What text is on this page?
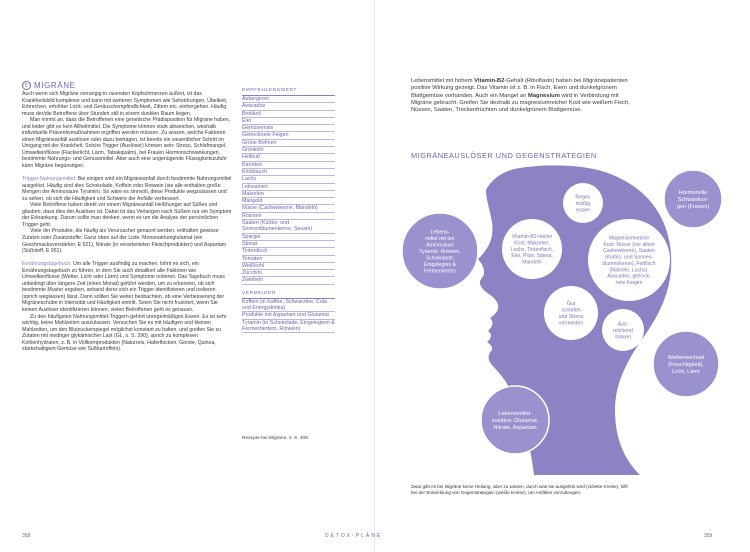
5 MIGRÄNE

Auch wenn sich Migräne vorrangig in rasenden Kopfschmerzen äußert, ist das Krankheitsbild komplexer und kann mit weiteren Symptomen wie Sehstörungen, Übelkeit, Erbrechen, erhöhter Licht- und Geräuschempfindlichkeit, Zittern etc. einhergehen. Häufig muss der/die Betroffene über Stunden still in einem dunklen Raum liegen.

Man nimmt an, dass die Betroffenen eine genetische Prädisposition für Migräne haben, und leider gibt es kein Allheilmittel. Die Symptome können stark abweichen, weshalb individuelle Präventivmaßnahmen ergriffen werden müssen. Zu wissen, welche Faktoren einen Migräneanfall auslösen oder dazu beitragen, ist bereits ein wesentlicher Schritt im Umgang mit der Krankheit. Solche Trigger (Auslöser) können sein: Stress, Schlafmangel, Umwelteinflüsse (Flackerlicht, Lärm, Tabakqualm), bei Frauen Hormonschwankungen, bestimmte Nahrungs- und Genussmittel. Aber auch eine ungenügende Flüssigkeitszufuhr kann Migräne begünstigen.

Trigger-Nahrungsmittel: Bei einigen wird ein Migräneanfall durch bestimmte Nahrungsmittel ausgelöst. Häufig sind dies Schokolade, Koffein oder Rotwein (sie alle enthalten große Mengen der Aminosäure Tyramin). So wäre es sinnvoll, diese Produkte wegzulassen und zu sehen, ob sich die Häufigkeit und Schwere der Anfälle verbessert.

Viele Betroffene haben direkt vor einem Migräneanfall Heißhunger auf Süßes und glauben, dass dies der Auslöser ist. Dabei ist das Verlangen nach Süßem nur ein Symptom der Erkrankung. Darum sollte man denken, wenn es um die Analyse der persönlichen Trigger geht.

Viele der Produkte, die häufig als Verursacher genannt werden, enthalten gewisse Zutaten oder Zusatzstoffe: Ganz oben auf der Liste: Mononatriumglutamat (ein Geschmacksverstärker, E 621), Nitrate (in verarbeiteten Fleischprodukten) und Aspartam (Süßstoff, E 951).

Ernährungstagebuch: Um alle Trigger ausfindig zu machen, lohnt es sich, ein Ernährungstagebuch zu führen, in dem Sie auch detailliert alle Faktoren wie Umwelteinflüsse (Wetter, Licht oder Lärm) und Symptome notieren. Das Tagebuch muss unbedingt über längere Zeit (einen Monat) geführt werden, um zu erkennen, ob sich bestimmte Muster ergeben, anhand derer sich ein Trigger identifizieren und isolieren (sprich weglassen) lässt. Dann sollten Sie weiter beobachten, ob eine Verbesserung der Migräneschübe in Intensität und Häufigkeit eintritt. Seien Sie nicht frustriert, wenn Sie keinen Auslöser identifizieren können, vielen Betroffenen geht es genauso.

Zu den häufigsten Nahrungsmittel-Triggern gehört unregelmäßiges Essen. Es ist sehr wichtig, keine Mahlzeiten auszulassen. Versuchen Sie es mit häufigen und kleinen Mahlzeiten, um den Blutzuckerspiegel möglichst konstant zu halten, und greifen Sie zu Zutaten mit niedriger glykämischer Last (GL, s. S. 290), sprich zu komplexen Kohlenhydraten, z. B. in Vollkornprodukten (Naturreis, Haferflocken, Gerste, Quinoa, stärkehaltigem Gemüse wie Süßkartoffeln).

EMPFEHLENSWERT
Auberginen
Avocados
Brokkoli
Eier
Gemüsemais
Getrocknete Feigen
Grüne Bohnen
Grünkohl
Heilbutt
Karotten
Knoblauch
Lachs
Leinsamen
Makrelen
Mangold
Nüsse (Cashewkerne, Mandeln)
Rosinen
Saaten (Kürbis- und Sonnenblumenkerne, Sesam)
Spargel
Spinat
Tintenfisch
Tomaten
Weißkohl
Zucchini
Zwiebeln
VERMEIDEN
Koffein (in Kaffee, Schwarztee, Cola und Energydrinks)
Produkte mit Aspartam und Glutamat
Tyramin (in Schokolade, Eingelegtem & Fermentiertem, Rotwein)
Rezepte bei Migräne, s. S. 406
358	DETOX-PLÄNE
Lebensmittel mit hohem Vitamin-B2-Gehalt (Riboflavin) haben bei Migränepatienten positive Wirkung gezeigt. Das Vitamin ist z. B. in Fisch, Eiern und dunkelgrünem Blattgemüse vorhanden. Auch ein Mangel an Magnesium wird in Verbindung mit Migräne gebracht. Greifen Sie deshalb zu magnesiumreicher Kost wie weißem Fisch, Nüssen, Saaten, Trockenfrüchten und dunkelgrünem Blattgemüse.
MIGRÄNEAUSLÖSER UND GEGENSTRATEGIEN
Lebens-mittel mit der Aminosäure Tyramin: Rotwein, Schokolade, Eingelegtes & Fermentiertes
Hormonelle Schwankun-gen (Frauen)
Wetterwechsel (Feuchtigkeit), Licht, Lärm
Lebensmittel-zusätze: Glutamat, Nitrate, Aspartam
Regel-mäßig essen
Vitamin-B2-reiche Kost: Makrelen, Lachs, Tintenfisch, Eier, Pilze, Spinat, Mandeln
Magnesiumreiche Kost: Nüsse (vor allem Cashewkerne), Saaten (Kürbis- und Sonnen-blumenkerne), Fettfisch (Makrele, Lachs), Avocados, getrock-nete Feigen
Gut schlafen und Stress vermeiden	Aus-reichend trinken
Zwar gibt es bei Migräne keine Heilung, aber zu wissen, durch was sie ausgelöst wird (violette Kreise), hilft bei der Entwicklung von Gegenstrategien (weiße Kreise), um Anfällen vorzubeugen.
359
